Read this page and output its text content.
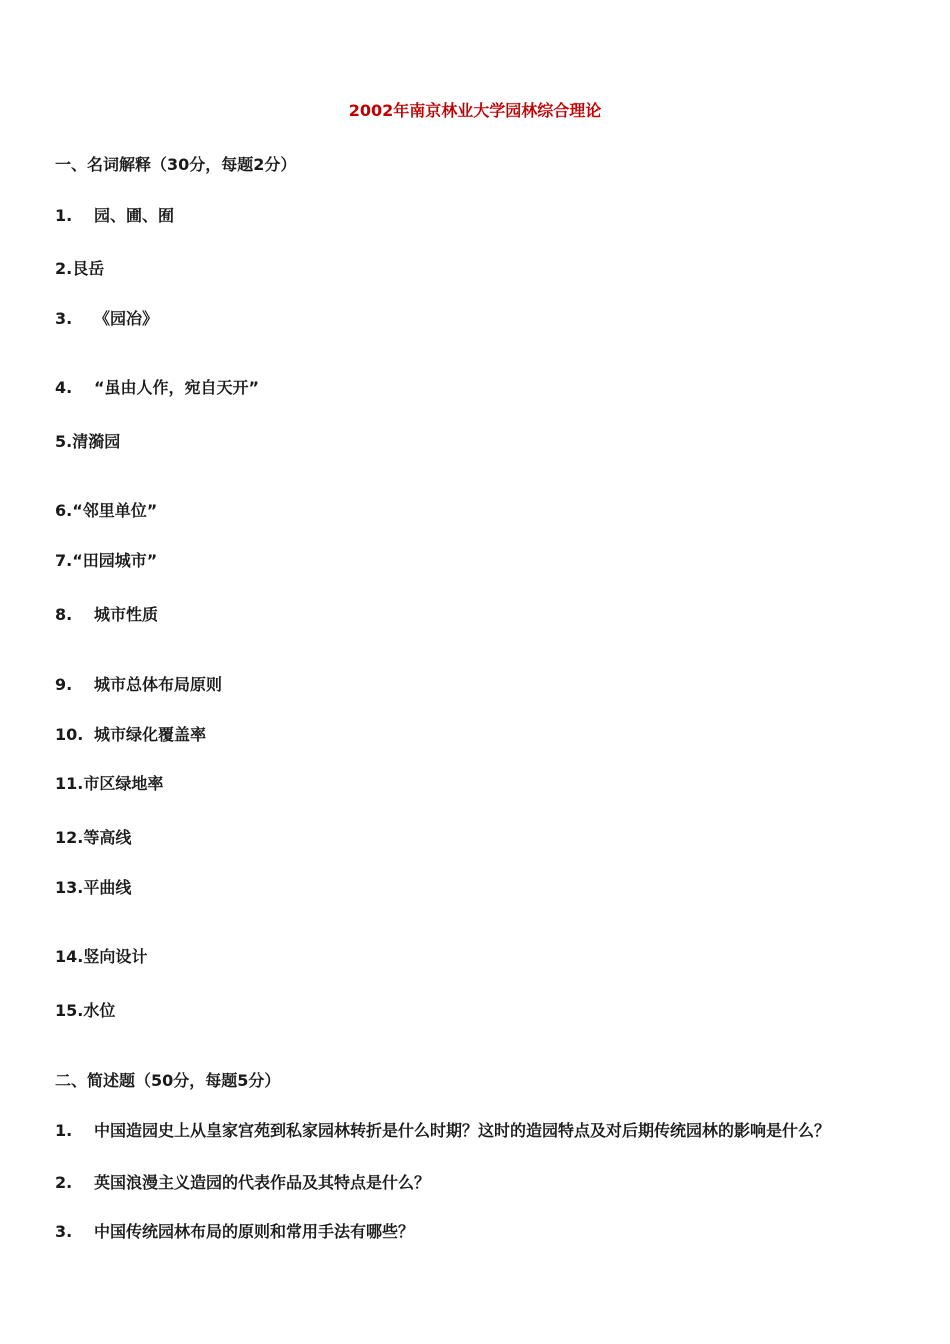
2002年南京林业大学园林综合理论
一、名词解释（30分，每题2分）
1. 园、圃、囿
2.艮岳
3. 《园冶》
4. “虽由人作，宛自天开”
5.清漪园
6.“邻里单位”
7.“田园城市”
8. 城市性质
9. 城市总体布局原则
10. 城市绿化覆盖率
11.市区绿地率
12.等高线
13.平曲线
14.竖向设计
15.水位
二、简述题（50分，每题5分）
1. 中国造园史上从皇家宫苑到私家园林转折是什么时期？这时的造园特点及对后期传统园林的影响是什么？
2. 英国浪漫主义造园的代表作品及其特点是什么？
3. 中国传统园林布局的原则和常用手法有哪些？
